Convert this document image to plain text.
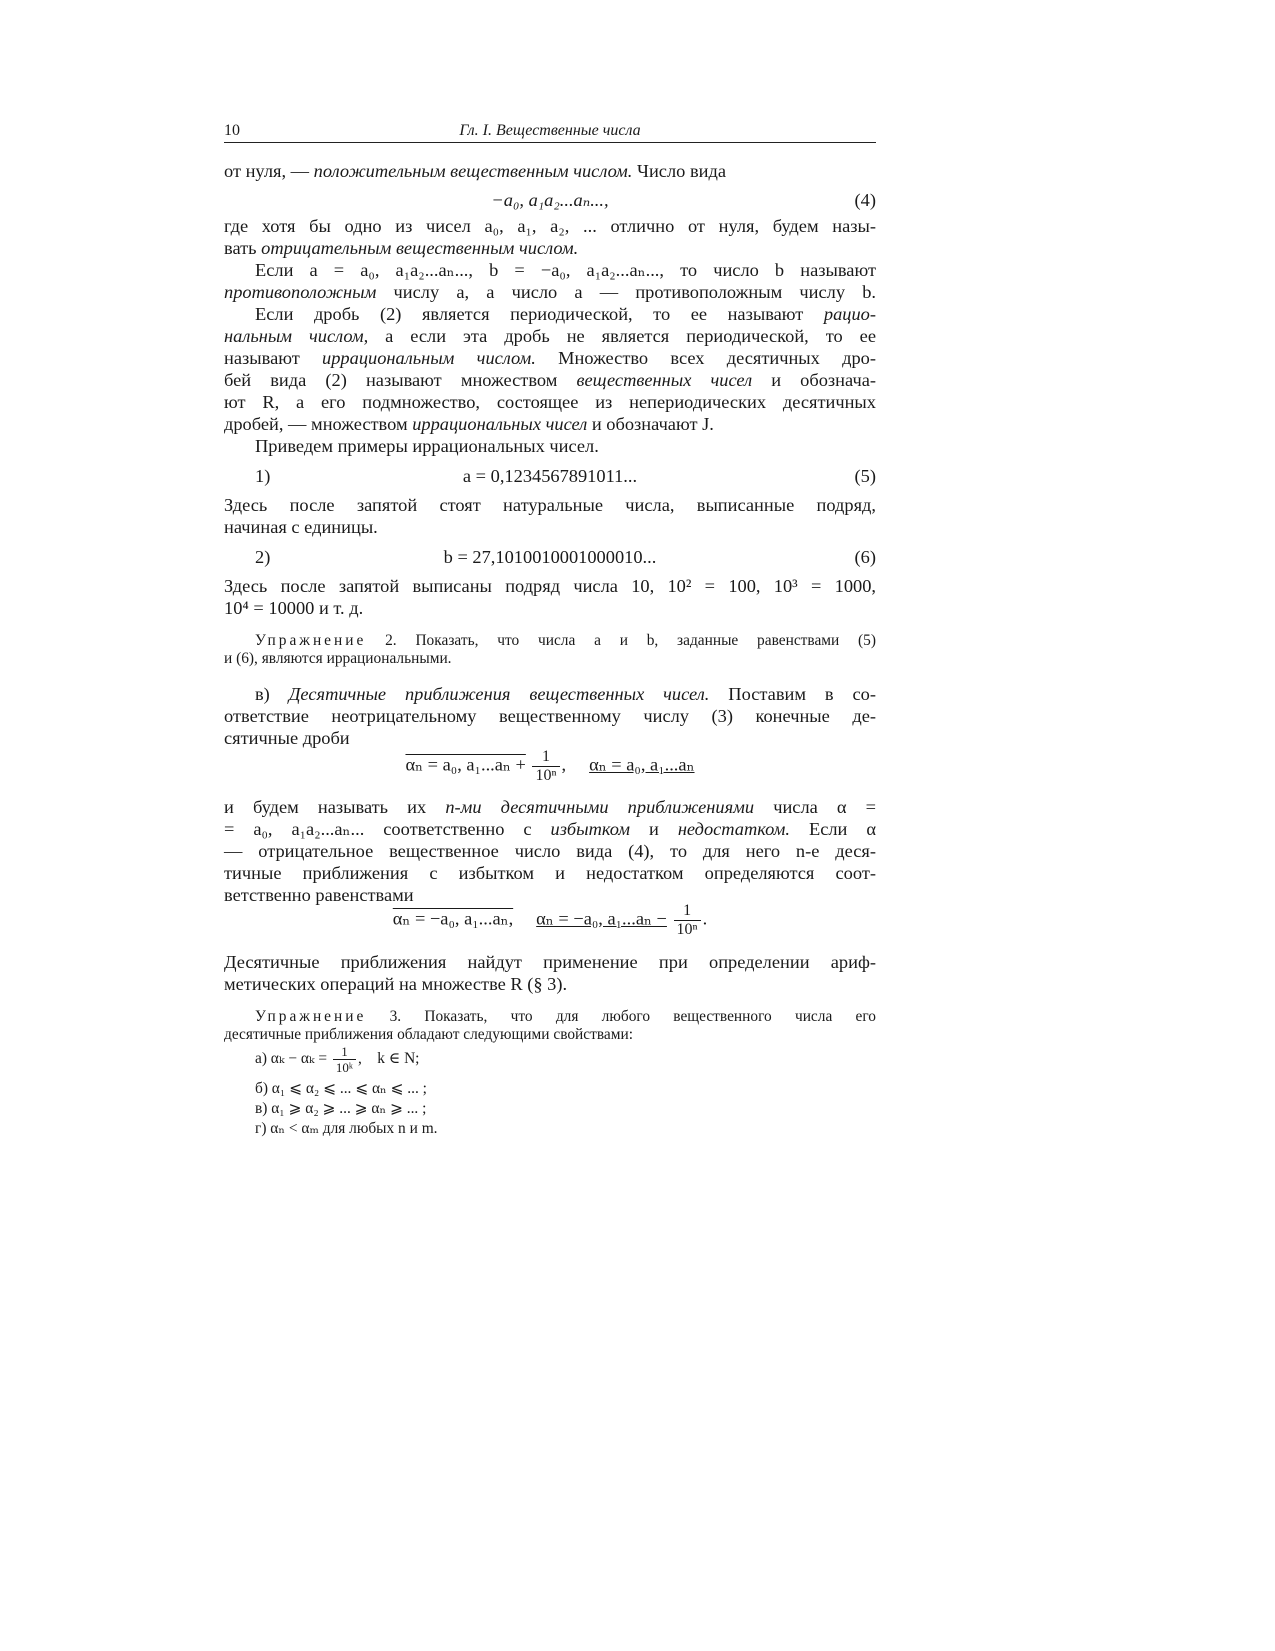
10	Гл. I. Вещественные числа
от нуля, — положительным вещественным числом. Число вида
−a₀, a₁a₂...aₙ...,	(4)
где хотя бы одно из чисел a₀, a₁, a₂, ... отлично от нуля, будем назы-
вать отрицательным вещественным числом.
Если a = a₀, a₁a₂...aₙ..., b = −a₀, a₁a₂...aₙ..., то число b называют
противоположным числу a, а число a — противоположным числу b.
Если дробь (2) является периодической, то ее называют рацио-
нальным числом, а если эта дробь не является периодической, то ее
называют иррациональным числом. Множество всех десятичных дро-
бей вида (2) называют множеством вещественных чисел и обознача-
ют R, а его подмножество, состоящее из непериодических десятичных
дробей, — множеством иррациональных чисел и обозначают J.
Приведем примеры иррациональных чисел.
1)	a = 0,1234567891011...	(5)
Здесь после запятой стоят натуральные числа, выписанные подряд,
начиная с единицы.
2)	b = 27,1010010001000010...	(6)
Здесь после запятой выписаны подряд числа 10, 10² = 100, 10³ = 1000,
10⁴ = 10000 и т. д.
Упражнение 2. Показать, что числа a и b, заданные равенствами (5)
и (6), являются иррациональными.
в) Десятичные приближения вещественных чисел. Поставим в со-
ответствие неотрицательному вещественному числу (3) конечные де-
сятичные дроби
αₙ = a₀, $a_1...a_n + \frac{1}{\text{10ⁿ}}$ ,     αₙ = a₀, a₁...aₙ
и будем называть их n-ми десятичными приближениями числа α =
= a₀, a₁a₂...aₙ... соответственно с избытком и недостатком. Если α
— отрицательное вещественное число вида (4), то для него n-е деся-
тичные приближения с избытком и недостатком определяются соот-
ветственно равенствами
αₙ = −a₀, a₁...aₙ, αₙ = −a₀, $a_1...a_n - \frac{1}{\text{10ⁿ}}$ .
Десятичные приближения найдут применение при определении ариф-
метических операций на множестве R (§ 3).
Упражнение 3. Показать, что для любого вещественного числа его
десятичные приближения обладают следующими свойствами:
а) $\alpha_k - \alpha_k = \frac{1}{\text{10ᵏ}}$ ,    k ∈ N;
б) α₁ ⩽ α₂ ⩽ ... ⩽ αₙ ⩽ ... ;
в) α₁ ⩾ α₂ ⩾ ... ⩾ αₙ ⩾ ... ;
г) αₙ < αₘ для любых n и m.
